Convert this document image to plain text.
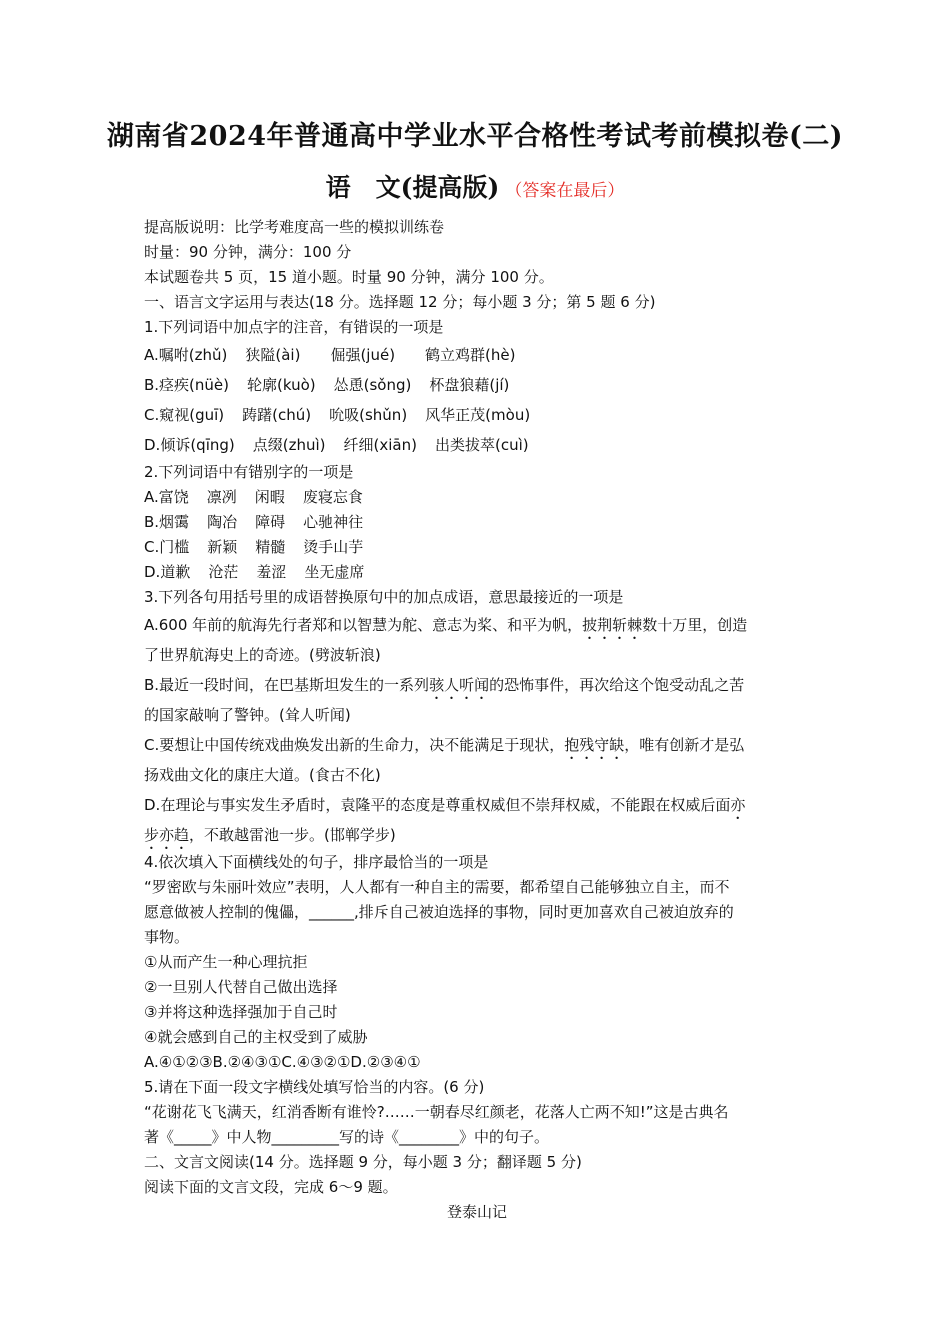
湖南省2024年普通高中学业水平合格性考试考前模拟卷(二)
语　文(提高版) （答案在最后）
提高版说明：比学考难度高一些的模拟训练卷
时量：90 分钟，满分：100 分
本试题卷共 5 页，15 道小题。时量 90 分钟，满分 100 分。
一、语言文字运用与表达(18 分。选择题 12 分；每小题 3 分；第 5 题 6 分)
1.下列词语中加点字的注音，有错误的一项是
A.嘱咐(zhǔ) 狭隘(ài) 倔强(jué) 鹤立鸡群(hè)
B.痉疾(nüè) 轮廓(kuò) 怂恿(sǒng) 杯盘狼藉(jí)
C.窥视(guī) 踌躇(chú) 吮吸(shǔn) 风华正茂(mòu)
D.倾诉(qīng) 点缀(zhuì) 纤细(xiān) 出类拔萃(cuì)
2.下列词语中有错别字的一项是
A.富饶 凛冽 闲暇 废寝忘食
B.烟霭 陶冶 障碍 心驰神往
C.门槛 新颖 精髓 烫手山芋
D.道歉 沧茫 羞涩 坐无虚席
3.下列各句用括号里的成语替换原句中的加点成语，意思最接近的一项是
A.600 年前的航海先行者郑和以智慧为舵、意志为桨、和平为帆，披荆斩棘数十万里，创造
了世界航海史上的奇迹。(劈波斩浪)
B.最近一段时间，在巴基斯坦发生的一系列骇人听闻的恐怖事件，再次给这个饱受动乱之苦
的国家敲响了警钟。(耸人听闻)
C.要想让中国传统戏曲焕发出新的生命力，决不能满足于现状，抱残守缺，唯有创新才是弘
扬戏曲文化的康庄大道。(食古不化)
D.在理论与事实发生矛盾时，袁隆平的态度是尊重权威但不崇拜权威，不能跟在权威后面亦
步亦趋，不敢越雷池一步。(邯郸学步)
4.依次填入下面横线处的句子，排序最恰当的一项是
“罗密欧与朱丽叶效应”表明，人人都有一种自主的需要，都希望自己能够独立自主，而不
愿意做被人控制的傀儡，______,排斥自己被迫选择的事物，同时更加喜欢自己被迫放弃的
事物。
①从而产生一种心理抗拒
②一旦别人代替自己做出选择
③并将这种选择强加于自己时
④就会感到自己的主权受到了威胁
A.④①②③B.②④③①C.④③②①D.②③④①
5.请在下面一段文字横线处填写恰当的内容。(6 分)
“花谢花飞飞满天，红消香断有谁怜?……一朝春尽红颜老，花落人亡两不知!”这是古典名
著《_____》中人物_________写的诗《________》中的句子。
二、文言文阅读(14 分。选择题 9 分，每小题 3 分；翻译题 5 分)
阅读下面的文言文段，完成 6～9 题。
登泰山记
